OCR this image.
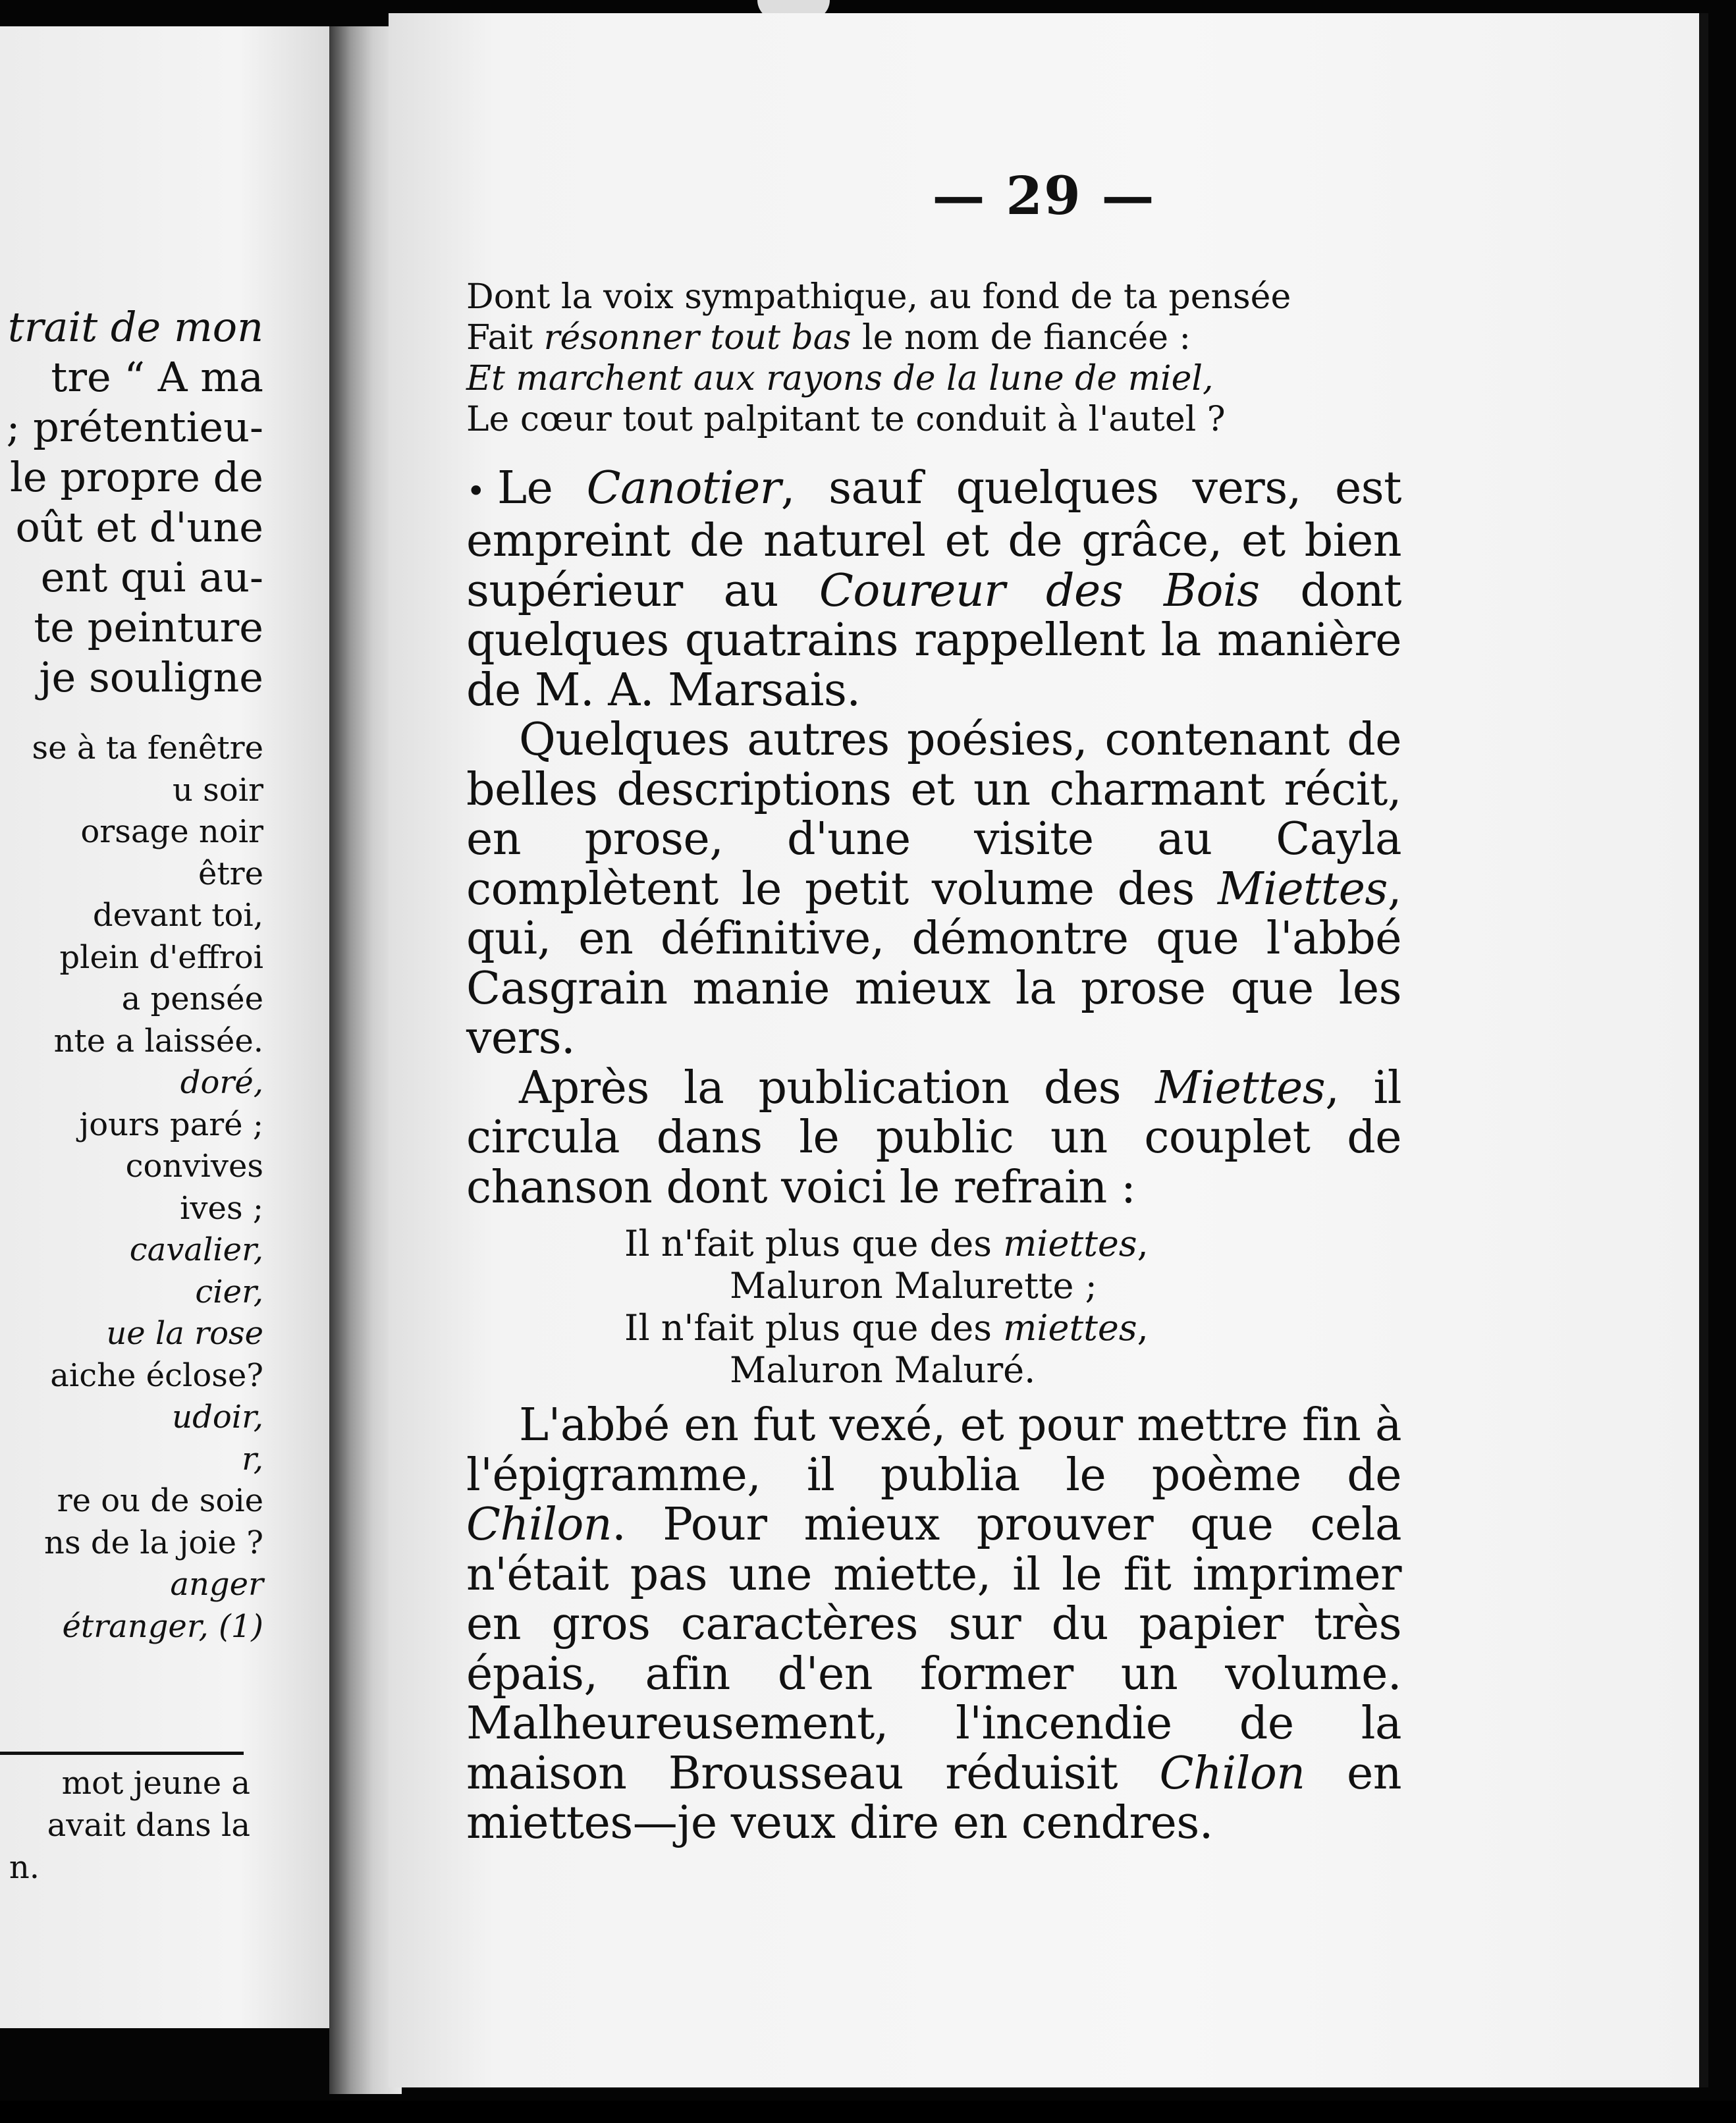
trait de mon
tre “ A ma
; prétentieu-
le propre de
oût et d'une
ent qui au-
te peinture
je souligne
se à ta fenêtre
u soir
orsage noir
être
devant toi,
plein d'effroi
a pensée
nte a laissée.
doré,
jours paré ;
convives
ives ;
cavalier,
cier,
ue la rose
aiche éclose?
udoir,
r,
re ou de soie
ns de la joie ?
anger
étranger, (1)
mot jeune a
avait dans la
n.
— 29 —
Dont la voix sympathique, au fond de ta pensée
Fait résonner tout bas le nom de fiancée :
Et marchent aux rayons de la lune de miel,
Le cœur tout palpitant te conduit à l'autel ?

• Le Canotier, sauf quelques vers, est empreint de naturel et de grâce, et bien supérieur au Coureur des Bois dont quelques quatrains rappellent la manière de M. A. Marsais.

Quelques autres poésies, contenant de belles descriptions et un charmant récit, en prose, d'une visite au Cayla complètent le petit volume des Miettes, qui, en définitive, démontre que l'abbé Casgrain manie mieux la prose que les vers.

Après la publication des Miettes, il circula dans le public un couplet de chanson dont voici le refrain :

Il n'fait plus que des miettes,
Maluron Malurette ;
Il n'fait plus que des miettes,
Maluron Maluré.

L'abbé en fut vexé, et pour mettre fin à l'épigramme, il publia le poème de Chilon. Pour mieux prouver que cela n'était pas une miette, il le fit imprimer en gros caractères sur du papier très épais, afin d'en former un volume. Malheureusement, l'incendie de la maison Brousseau réduisit Chilon en miettes—je veux dire en cendres.
